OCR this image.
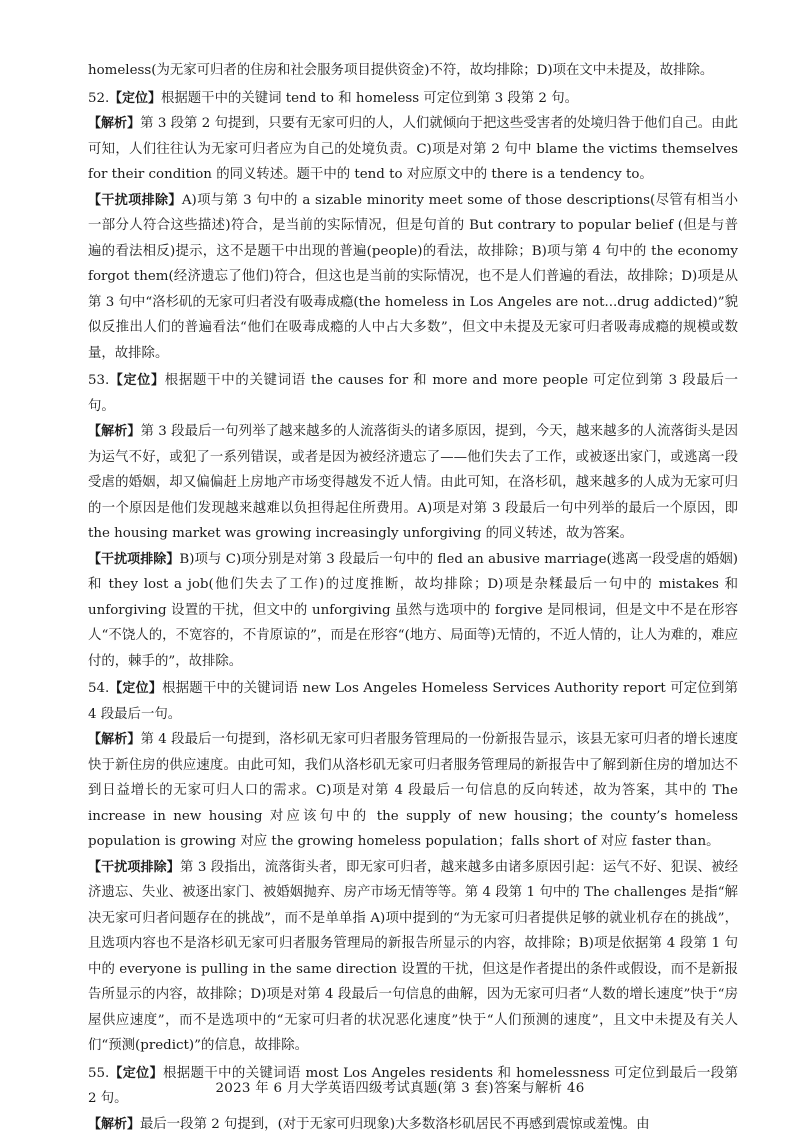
homeless(为无家可归者的住房和社会服务项目提供资金)不符，故均排除；D)项在文中未提及，故排除。

52.【定位】根据题干中的关键词 tend to 和 homeless 可定位到第 3 段第 2 句。

【解析】第 3 段第 2 句提到，只要有无家可归的人，人们就倾向于把这些受害者的处境归咎于他们自己。由此可知，人们往往认为无家可归者应为自己的处境负责。C)项是对第 2 句中 blame the victims themselves for their condition 的同义转述。题干中的 tend to 对应原文中的 there is a tendency to。

【干扰项排除】A)项与第 3 句中的 a sizable minority meet some of those descriptions(尽管有相当小一部分人符合这些描述)符合，是当前的实际情况，但是句首的 But contrary to popular belief (但是与普遍的看法相反)提示，这不是题干中出现的普遍(people)的看法，故排除；B)项与第 4 句中的 the economy forgot them(经济遗忘了他们)符合，但这也是当前的实际情况，也不是人们普遍的看法，故排除；D)项是从第 3 句中“洛杉矶的无家可归者没有吸毒成瘾(the homeless in Los Angeles are not...drug addicted)”貌似反推出人们的普遍看法“他们在吸毒成瘾的人中占大多数”，但文中未提及无家可归者吸毒成瘾的规模或数量，故排除。

53.【定位】根据题干中的关键词语 the causes for 和 more and more people 可定位到第 3 段最后一句。

【解析】第 3 段最后一句列举了越来越多的人流落街头的诸多原因，提到，今天，越来越多的人流落街头是因为运气不好，或犯了一系列错误，或者是因为被经济遗忘了——他们失去了工作，或被逐出家门，或逃离一段受虐的婚姻，却又偏偏赶上房地产市场变得越发不近人情。由此可知，在洛杉矶，越来越多的人成为无家可归的一个原因是他们发现越来越难以负担得起住所费用。A)项是对第 3 段最后一句中列举的最后一个原因，即 the housing market was growing increasingly unforgiving 的同义转述，故为答案。

【干扰项排除】B)项与 C)项分别是对第 3 段最后一句中的 fled an abusive marriage(逃离一段受虐的婚姻)和 they lost a job(他们失去了工作)的过度推断，故均排除；D)项是杂糅最后一句中的 mistakes 和 unforgiving 设置的干扰，但文中的 unforgiving 虽然与选项中的 forgive 是同根词，但是文中不是在形容人“不饶人的，不宽容的，不肯原谅的”，而是在形容“(地方、局面等)无情的，不近人情的，让人为难的，难应付的，棘手的”，故排除。

54.【定位】根据题干中的关键词语 new Los Angeles Homeless Services Authority report 可定位到第 4 段最后一句。

【解析】第 4 段最后一句提到，洛杉矶无家可归者服务管理局的一份新报告显示，该县无家可归者的增长速度快于新住房的供应速度。由此可知，我们从洛杉矶无家可归者服务管理局的新报告中了解到新住房的增加达不到日益增长的无家可归人口的需求。C)项是对第 4 段最后一句信息的反向转述，故为答案，其中的 The increase in new housing 对应该句中的 the supply of new housing；the county’s homeless population is growing 对应 the growing homeless population；falls short of 对应 faster than。

【干扰项排除】第 3 段指出，流落街头者，即无家可归者，越来越多由诸多原因引起：运气不好、犯误、被经济遗忘、失业、被逐出家门、被婚姻抛弃、房产市场无情等等。第 4 段第 1 句中的 The challenges 是指“解决无家可归者问题存在的挑战”，而不是单单指 A)项中提到的“为无家可归者提供足够的就业机存在的挑战”，且选项内容也不是洛杉矶无家可归者服务管理局的新报告所显示的内容，故排除；B)项是依据第 4 段第 1 句中的 everyone is pulling in the same direction 设置的干扰，但这是作者提出的条件或假设，而不是新报告所显示的内容，故排除；D)项是对第 4 段最后一句信息的曲解，因为无家可归者“人数的增长速度”快于“房屋供应速度”，而不是选项中的“无家可归者的状况恶化速度”快于“人们预测的速度”，且文中未提及有关人们“预测(predict)”的信息，故排除。

55.【定位】根据题干中的关键词语 most Los Angeles residents 和 homelessness 可定位到最后一段第 2 句。

【解析】最后一段第 2 句提到，(对于无家可归现象)大多数洛杉矶居民不再感到震惊或羞愧。由

2023 年 6 月大学英语四级考试真题(第 3 套)答案与解析 46
